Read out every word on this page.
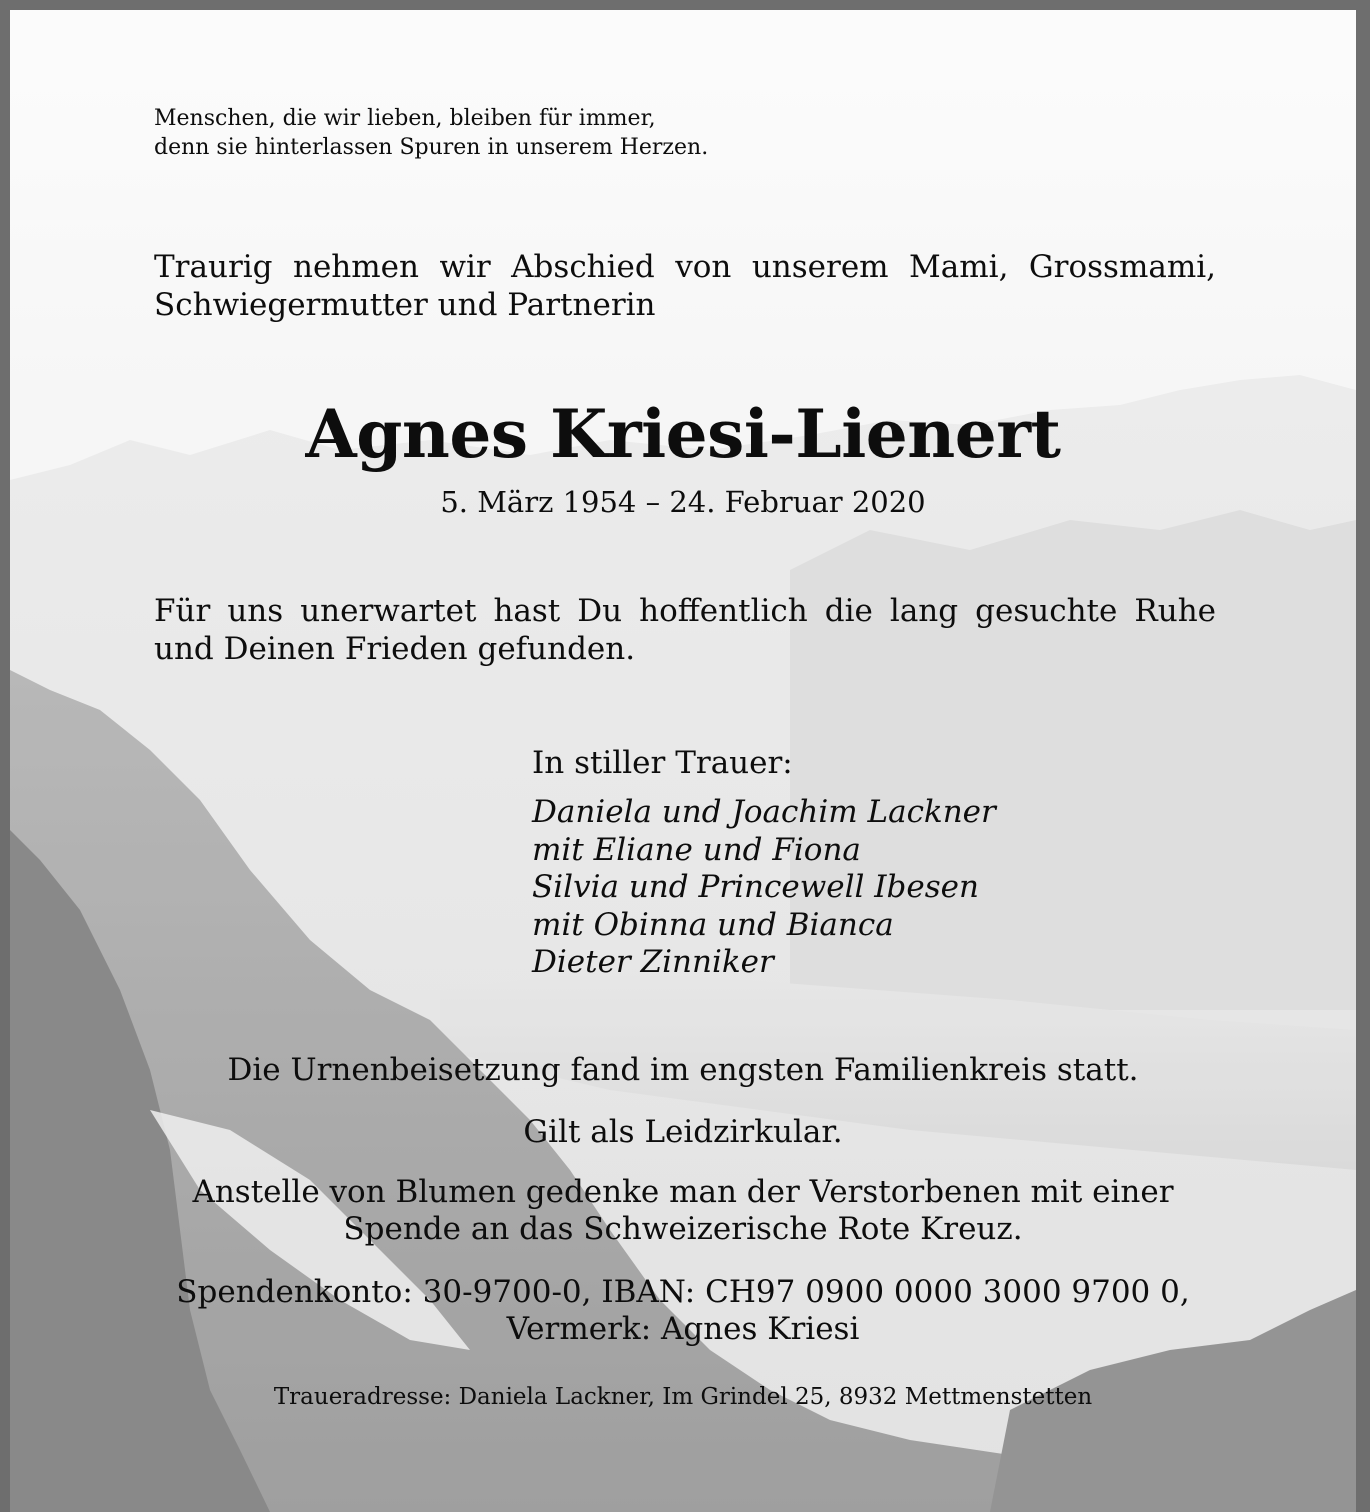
Menschen, die wir lieben, bleiben für immer,
denn sie hinterlassen Spuren in unserem Herzen.

Traurig nehmen wir Abschied von unserem Mami, Grossmami, Schwiegermutter und Partnerin

Agnes Kriesi-Lienert
5. März 1954 – 24. Februar 2020

Für uns unerwartet hast Du hoffentlich die lang gesuchte Ruhe und Deinen Frieden gefunden.

In stiller Trauer:
Daniela und Joachim Lackner
mit Eliane und Fiona
Silvia und Princewell Ibesen
mit Obinna und Bianca
Dieter Zinniker
Die Urnenbeisetzung fand im engsten Familienkreis statt.
Gilt als Leidzirkular.
Anstelle von Blumen gedenke man der Verstorbenen mit einer
Spende an das Schweizerische Rote Kreuz.
Spendenkonto: 30-9700-0, IBAN: CH97 0900 0000 3000 9700 0,
Vermerk: Agnes Kriesi
Traueradresse: Daniela Lackner, Im Grindel 25, 8932 Mettmenstetten
